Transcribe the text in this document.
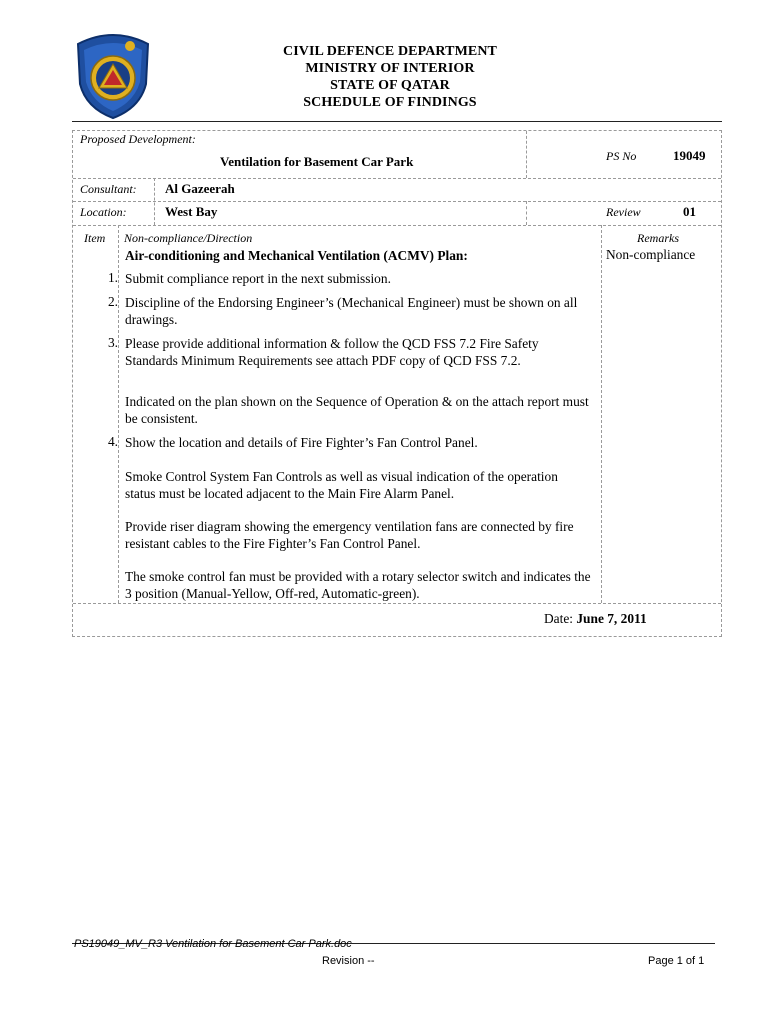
CIVIL DEFENCE DEPARTMENT
MINISTRY OF INTERIOR
STATE OF QATAR
SCHEDULE OF FINDINGS
Proposed Development:
Ventilation for Basement Car Park	PS No	19049
Consultant: Al Gazeerah
Location:	West Bay	Review	01
Item Non-compliance/Direction	Remarks
Air-conditioning and Mechanical Ventilation (ACMV) Plan:	Non-compliance
1. Submit compliance report in the next submission.
2. Discipline of the Endorsing Engineer’s (Mechanical Engineer) must be shown on all drawings.
3. Please provide additional information & follow the QCD FSS 7.2 Fire Safety Standards Minimum Requirements see attach PDF copy of QCD FSS 7.2.
Indicated on the plan shown on the Sequence of Operation & on the attach report must be consistent.
4. Show the location and details of Fire Fighter’s Fan Control Panel.
Smoke Control System Fan Controls as well as visual indication of the operation status must be located adjacent to the Main Fire Alarm Panel.
Provide riser diagram showing the emergency ventilation fans are connected by fire resistant cables to the Fire Fighter’s Fan Control Panel.
The smoke control fan must be provided with a rotary selector switch and indicates the 3 position (Manual-Yellow, Off-red, Automatic-green).
Date: June 7, 2011
PS19049_MV_R3 Ventilation for Basement Car Park.doc
Revision --	Page 1 of 1
